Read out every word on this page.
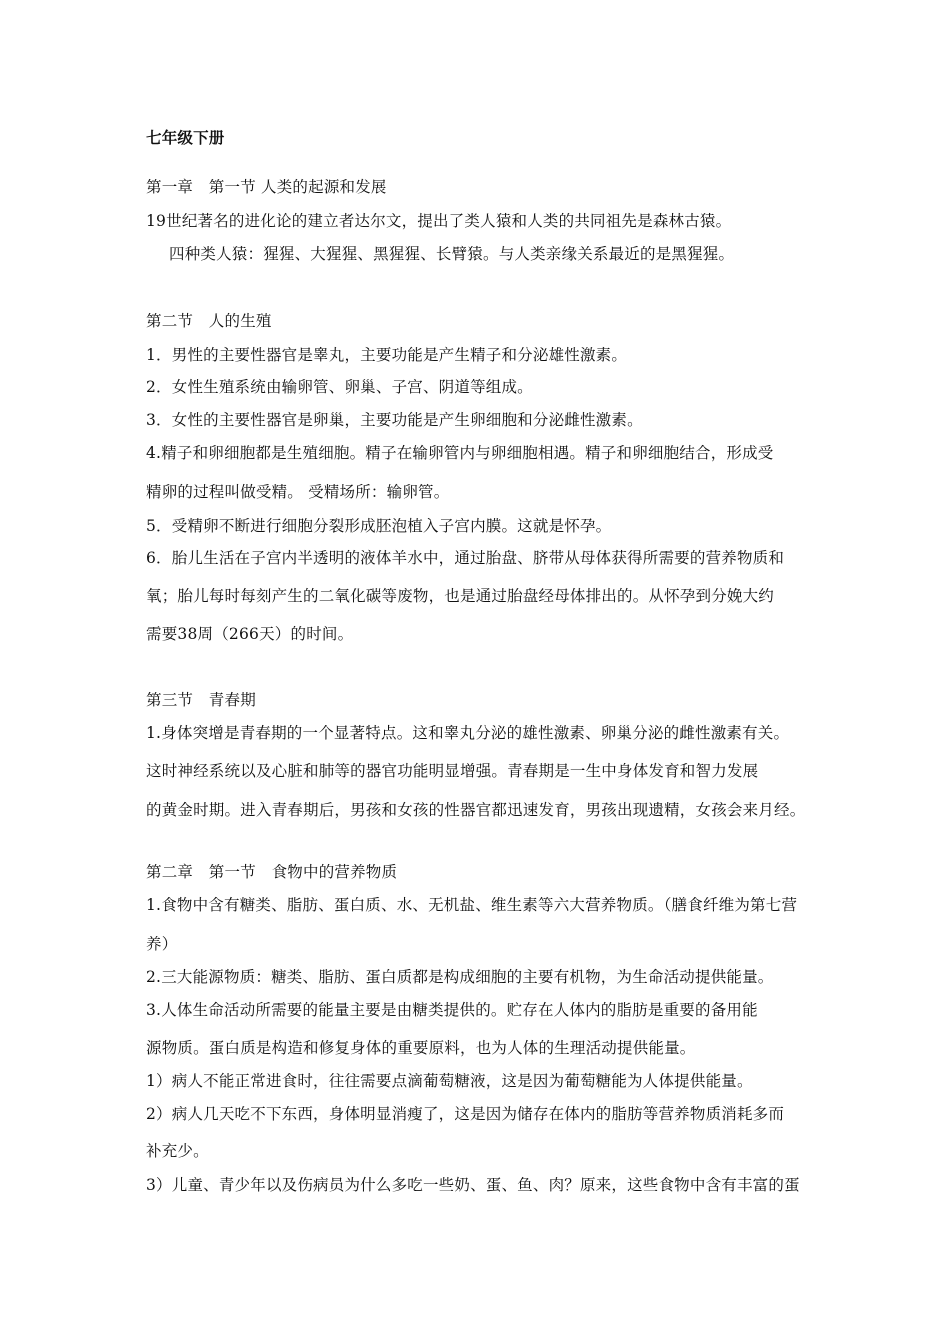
七年级下册
第一章　第一节 人类的起源和发展
19世纪著名的进化论的建立者达尔文，提出了类人猿和人类的共同祖先是森林古猿。
四种类人猿：猩猩、大猩猩、黑猩猩、长臂猿。与人类亲缘关系最近的是黑猩猩。
第二节　人的生殖
1．男性的主要性器官是睾丸，主要功能是产生精子和分泌雄性激素。
2．女性生殖系统由输卵管、卵巢、子宫、阴道等组成。
3．女性的主要性器官是卵巢，主要功能是产生卵细胞和分泌雌性激素。
4.精子和卵细胞都是生殖细胞。精子在输卵管内与卵细胞相遇。精子和卵细胞结合，形成受
精卵的过程叫做受精。 受精场所：输卵管。
5．受精卵不断进行细胞分裂形成胚泡植入子宫内膜。这就是怀孕。
6．胎儿生活在子宫内半透明的液体羊水中，通过胎盘、脐带从母体获得所需要的营养物质和
氧；胎儿每时每刻产生的二氧化碳等废物，也是通过胎盘经母体排出的。从怀孕到分娩大约
需要38周（266天）的时间。
第三节　青春期
1.身体突增是青春期的一个显著特点。这和睾丸分泌的雄性激素、卵巢分泌的雌性激素有关。
这时神经系统以及心脏和肺等的器官功能明显增强。青春期是一生中身体发育和智力发展
的黄金时期。进入青春期后，男孩和女孩的性器官都迅速发育，男孩出现遗精，女孩会来月经。
第二章　第一节　食物中的营养物质
1.食物中含有糖类、脂肪、蛋白质、水、无机盐、维生素等六大营养物质。（膳食纤维为第七营
养）
2.三大能源物质：糖类、脂肪、蛋白质都是构成细胞的主要有机物，为生命活动提供能量。
3.人体生命活动所需要的能量主要是由糖类提供的。贮存在人体内的脂肪是重要的备用能
源物质。蛋白质是构造和修复身体的重要原料，也为人体的生理活动提供能量。
1）病人不能正常进食时，往往需要点滴葡萄糖液，这是因为葡萄糖能为人体提供能量。
2）病人几天吃不下东西，身体明显消瘦了，这是因为储存在体内的脂肪等营养物质消耗多而
补充少。
3）儿童、青少年以及伤病员为什么多吃一些奶、蛋、鱼、肉？原来，这些食物中含有丰富的蛋
